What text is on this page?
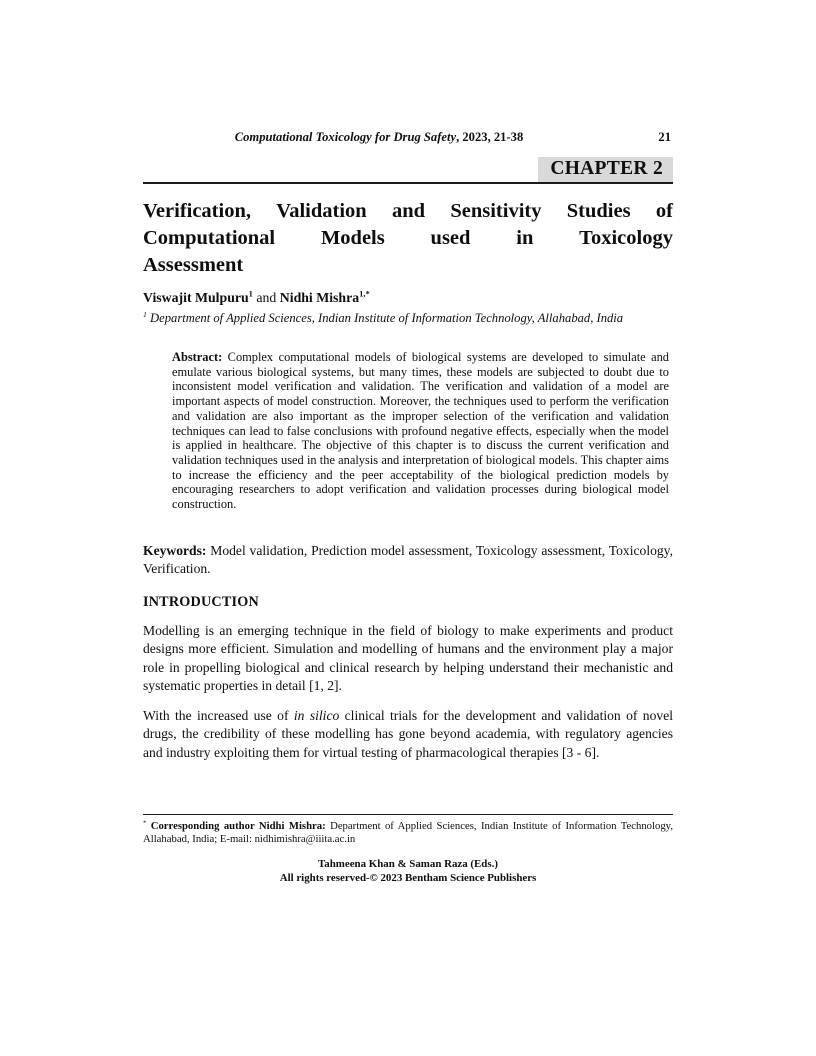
Computational Toxicology for Drug Safety, 2023, 21-38	21
CHAPTER 2
Verification, Validation and Sensitivity Studies of
Computational Models used in Toxicology
Assessment
Viswajit Mulpuru$^1$ and Nidhi Mishra$^{1,*}$
$^1$ Department of Applied Sciences, Indian Institute of Information Technology, Allahabad, India
Abstract: Complex computational models of biological systems are developed to simulate and emulate various biological systems, but many times, these models are subjected to doubt due to inconsistent model verification and validation. The verification and validation of a model are important aspects of model construction. Moreover, the techniques used to perform the verification and validation are also important as the improper selection of the verification and validation techniques can lead to false conclusions with profound negative effects, especially when the model is applied in healthcare. The objective of this chapter is to discuss the current verification and validation techniques used in the analysis and interpretation of biological models. This chapter aims to increase the efficiency and the peer acceptability of the biological prediction models by encouraging researchers to adopt verification and validation processes during biological model construction.
Keywords: Model validation, Prediction model assessment, Toxicology assessment, Toxicology, Verification.
INTRODUCTION
Modelling is an emerging technique in the field of biology to make experiments and product designs more efficient. Simulation and modelling of humans and the environment play a major role in propelling biological and clinical research by helping understand their mechanistic and systematic properties in detail [1, 2].
With the increased use of in silico clinical trials for the development and validation of novel drugs, the credibility of these modelling has gone beyond academia, with regulatory agencies and industry exploiting them for virtual testing of pharmacological therapies [3 - 6].
* Corresponding author Nidhi Mishra: Department of Applied Sciences, Indian Institute of Information Technology, Allahabad, India; E-mail: nidhimishra@iiita.ac.in
Tahmeena Khan & Saman Raza (Eds.)
All rights reserved-© 2023 Bentham Science Publishers
